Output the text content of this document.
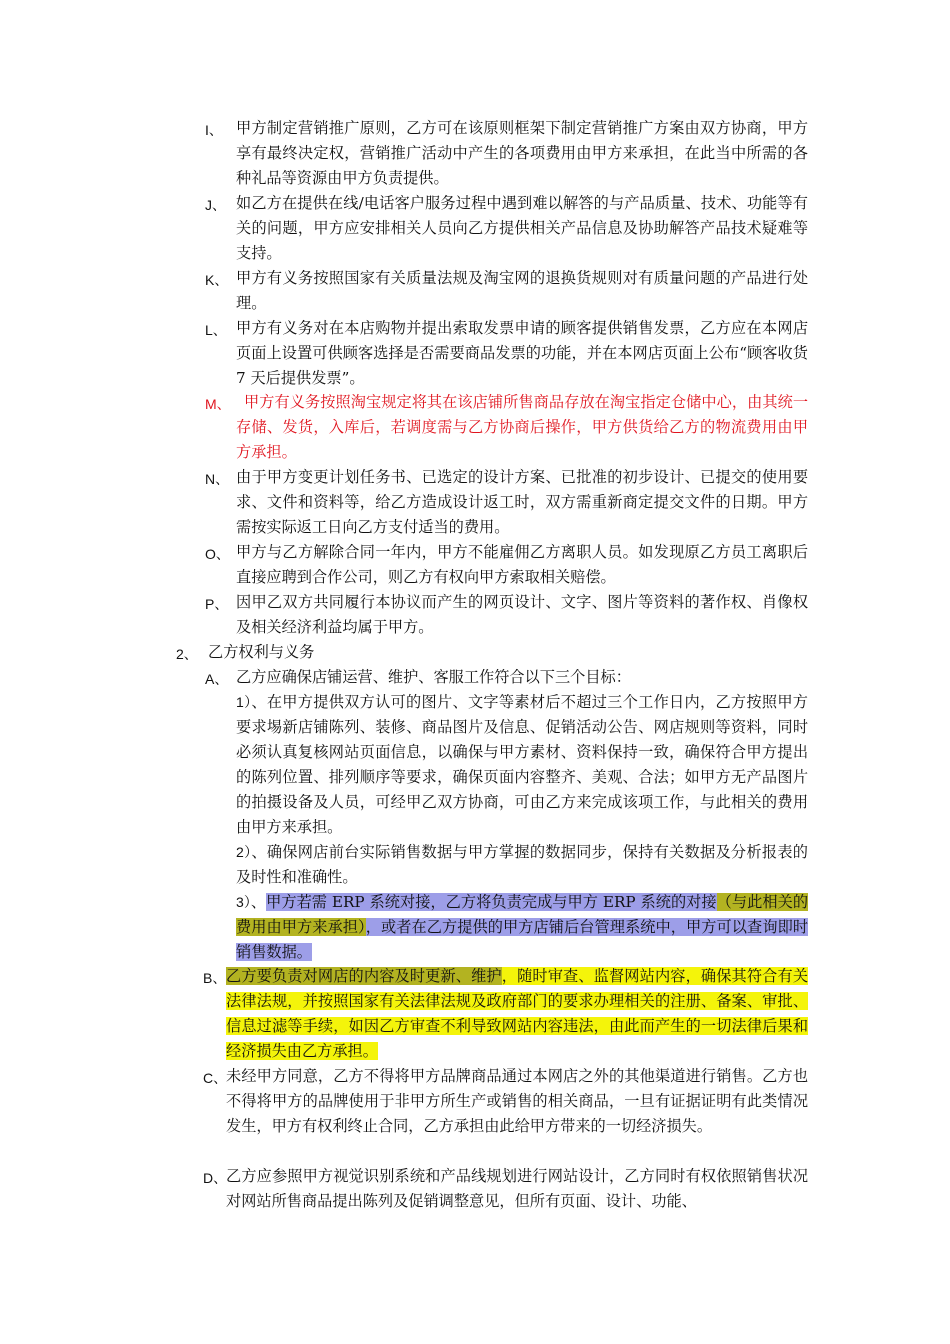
I、 甲方制定营销推广原则，乙方可在该原则框架下制定营销推广方案由双方协商，甲方享有最终决定权，营销推广活动中产生的各项费用由甲方来承担，在此当中所需的各种礼品等资源由甲方负责提供。
J、 如乙方在提供在线/电话客户服务过程中遇到难以解答的与产品质量、技术、功能等有关的问题，甲方应安排相关人员向乙方提供相关产品信息及协助解答产品技术疑难等支持。
K、 甲方有义务按照国家有关质量法规及淘宝网的退换货规则对有质量问题的产品进行处理。
L、 甲方有义务对在本店购物并提出索取发票申请的顾客提供销售发票，乙方应在本网店页面上设置可供顾客选择是否需要商品发票的功能，并在本网店页面上公布“顾客收货 7 天后提供发票”。
M、 甲方有义务按照淘宝规定将其在该店铺所售商品存放在淘宝指定仓储中心，由其统一存储、发货，入库后，若调度需与乙方协商后操作，甲方供货给乙方的物流费用由甲方承担。
N、 由于甲方变更计划任务书、已选定的设计方案、已批准的初步设计、已提交的使用要求、文件和资料等，给乙方造成设计返工时，双方需重新商定提交文件的日期。甲方需按实际返工日向乙方支付适当的费用。
O、 甲方与乙方解除合同一年内，甲方不能雇佣乙方离职人员。如发现原乙方员工离职后直接应聘到合作公司，则乙方有权向甲方索取相关赔偿。
P、 因甲乙双方共同履行本协议而产生的网页设计、文字、图片等资料的著作权、肖像权及相关经济利益均属于甲方。
2、 乙方权利与义务
A、 乙方应确保店铺运营、维护、客服工作符合以下三个目标：
1）、在甲方提供双方认可的图片、文字等素材后不超过三个工作日内，乙方按照甲方要求埸新店铺陈列、装修、商品图片及信息、促销活动公告、网店规则等资料，同时必须认真复核网站页面信息，以确保与甲方素材、资料保持一致，确保符合甲方提出的陈列位置、排列顺序等要求，确保页面内容整齐、美观、合法；如甲方无产品图片的拍摄设备及人员，可经甲乙双方协商，可由乙方来完成该项工作，与此相关的费用由甲方来承担。
2）、确保网店前台实际销售数据与甲方掌握的数据同步，保持有关数据及分析报表的及时性和准确性。
3）、甲方若需 ERP 系统对接，乙方将负责完成与甲方 ERP 系统的对接（与此相关的费用由甲方来承担），或者在乙方提供的甲方店铺后台管理系统中，甲方可以查询即时销售数据。
B、 乙方要负责对网店的内容及时更新、维护，随时审查、监督网站内容，确保其符合有关法律法规，并按照国家有关法律法规及政府部门的要求办理相关的注册、备案、审批、信息过滤等手续，如因乙方审查不利导致网站内容违法，由此而产生的一切法律后果和经济损失由乙方承担。
C、
未经甲方同意，乙方不得将甲方品牌商品通过本网店之外的其他渠道进行销售。乙方也不得将甲方的品牌使用于非甲方所生产或销售的相关商品，一旦有证据证明有此类情况发生，甲方有权利终止合同，乙方承担由此给甲方带来的一切经济损失。
D、
乙方应参照甲方视觉识别系统和产品线规划进行网站设计，乙方同时有权依照销售状况对网站所售商品提出陈列及促销调整意见，但所有页面、设计、功能、
